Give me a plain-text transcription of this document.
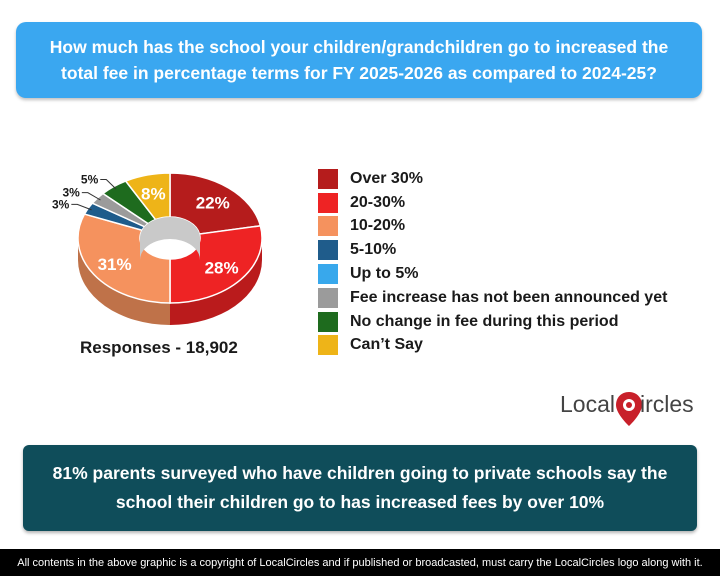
How much has the school your children/grandchildren go to increased the total fee in percentage terms for FY 2025-2026 as compared to 2024-25?
22%
28%
31%
3%
3%
5%
8%
Responses - 18,902
Over 30%
20-30%
10-20%
5-10%
Up to 5%
Fee increase has not been announced yet
No change in fee during this period
Can’t Say
Local ircles
81% parents surveyed who have children going to private schools say the school their children go to has increased fees by over 10%
All contents in the above graphic is a copyright of LocalCircles and if published or broadcasted, must carry the LocalCircles logo along with it.
